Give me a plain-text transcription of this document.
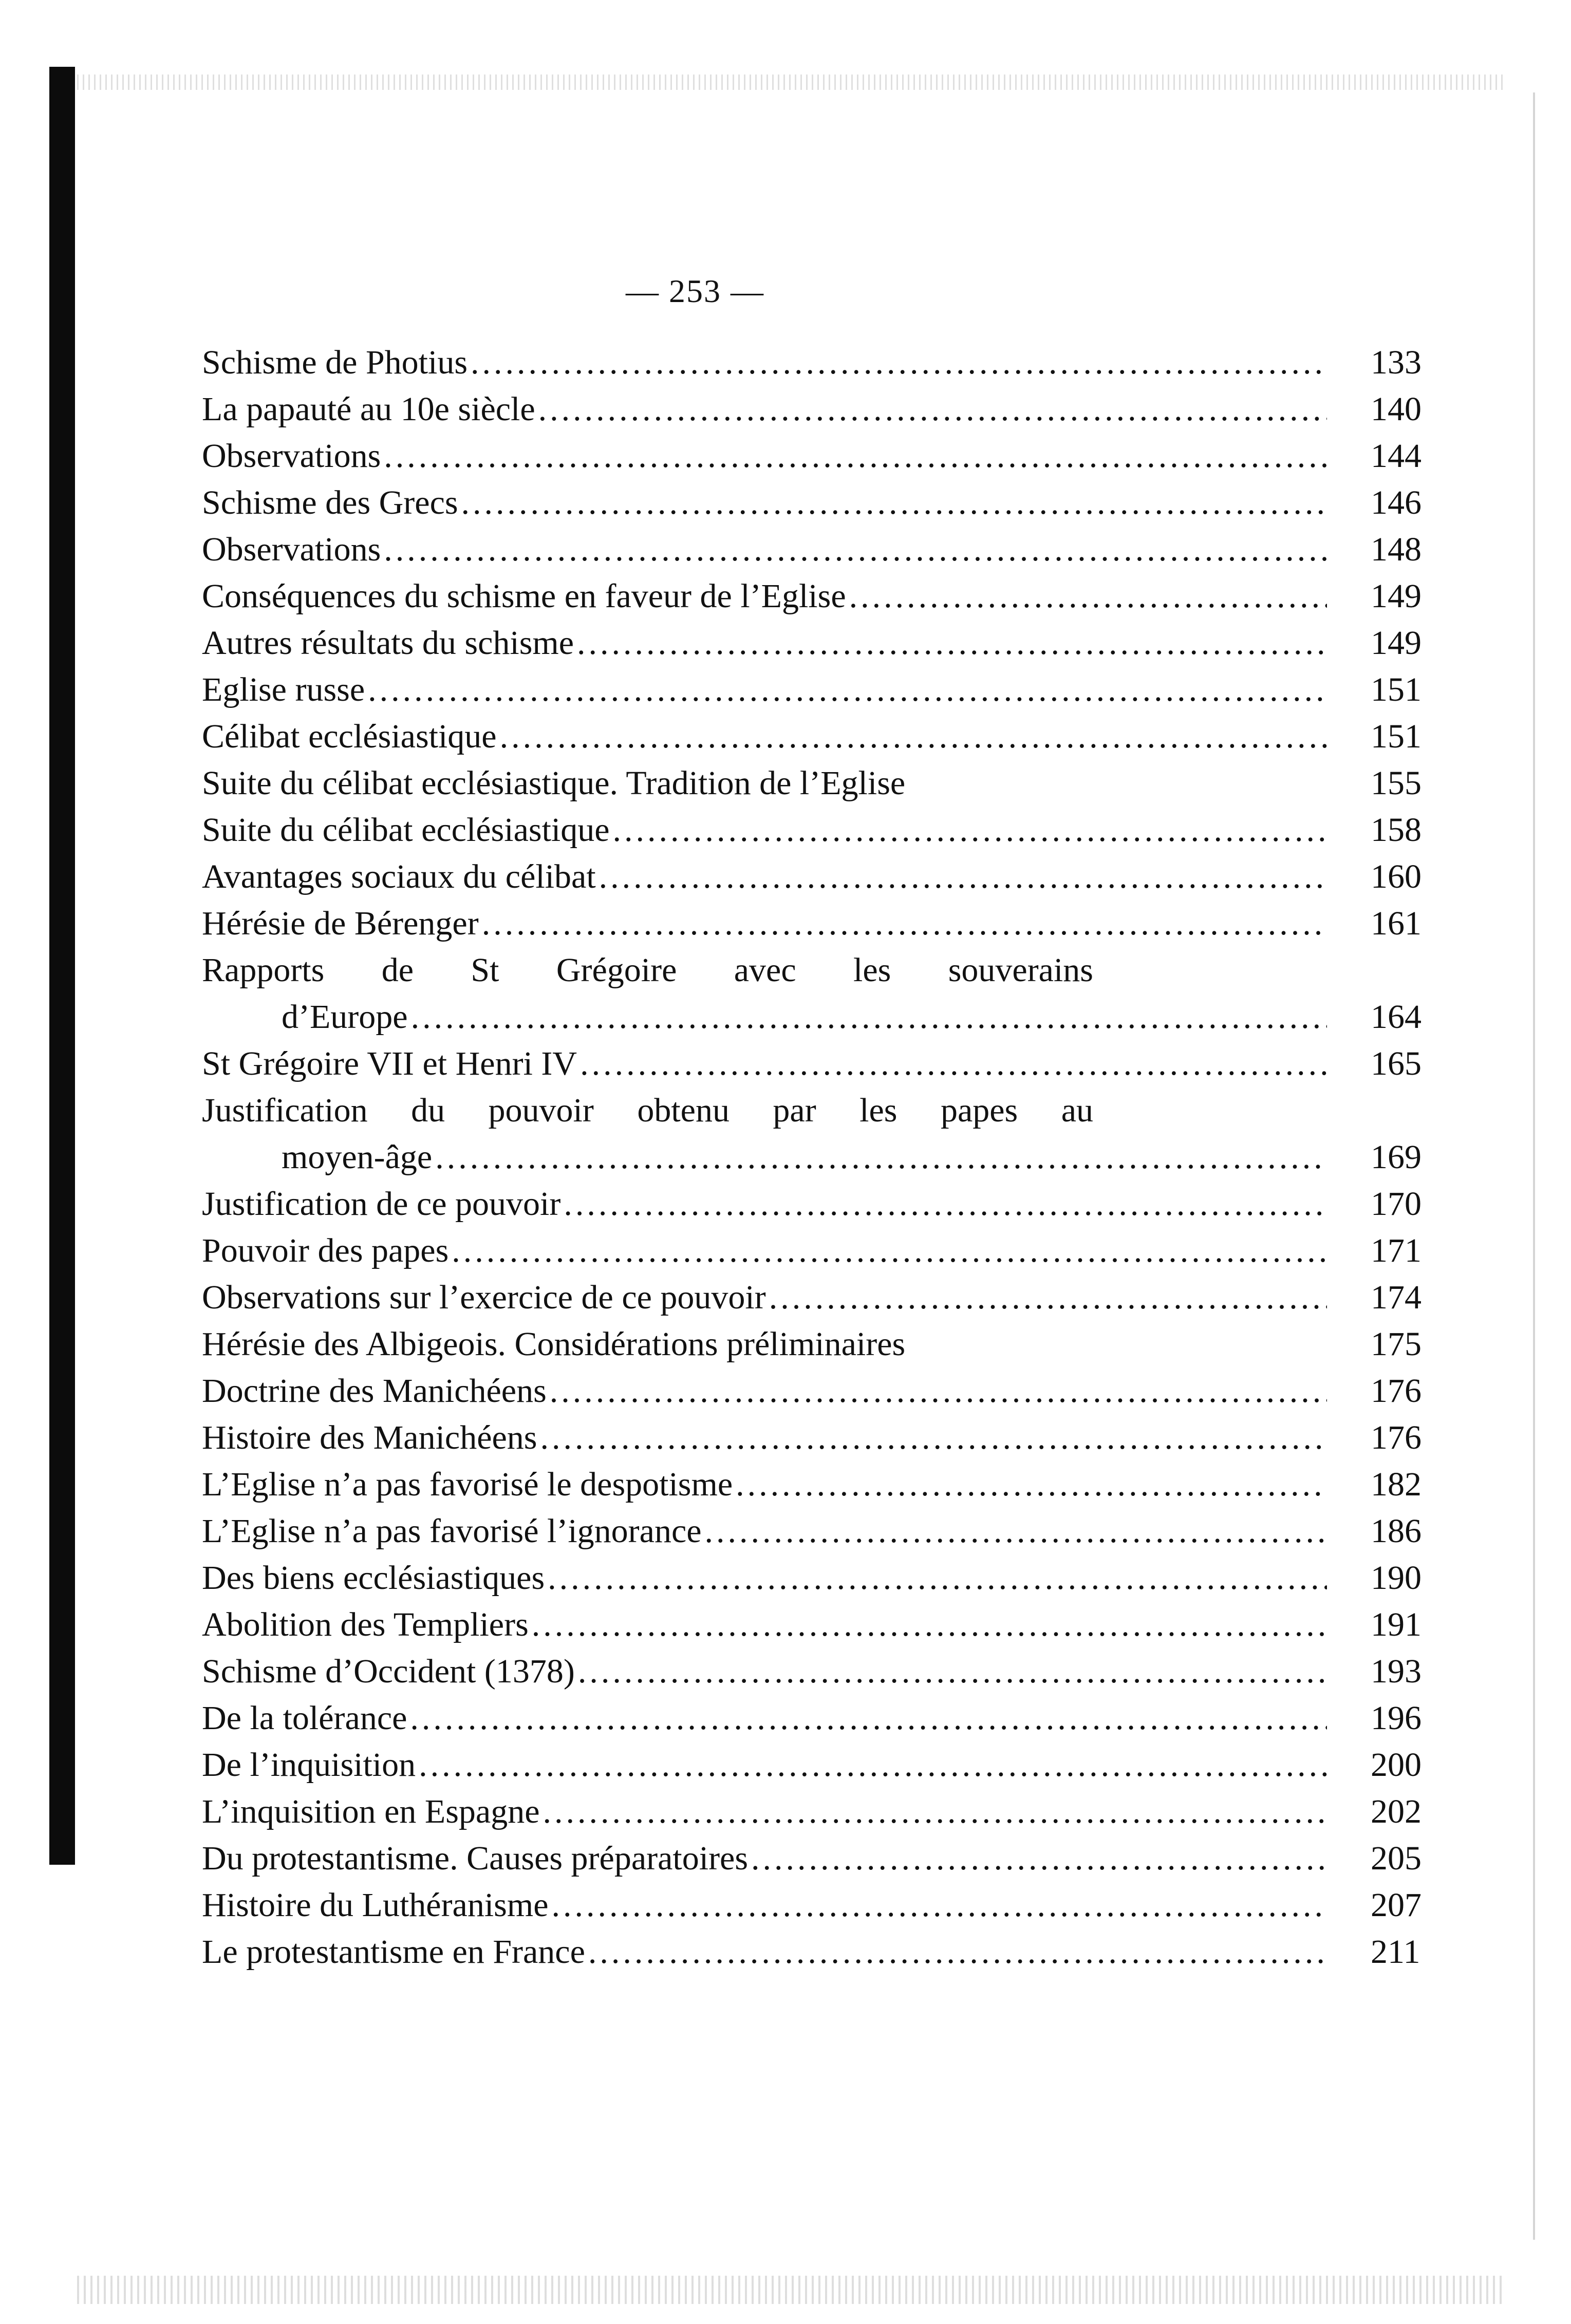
— 253 —
Schisme de Photius .....	133
La papauté au 10e siècle .....	140
Observations .....	144
Schisme des Grecs .....	146
Observations .....	148
Conséquences du schisme en faveur de l’Eglise .....	149
Autres résultats du schisme .....	149
Eglise russe .....	151
Célibat ecclésiastique .....	151
Suite du célibat ecclésiastique. Tradition de l’Eglise	155
Suite du célibat ecclésiastique .....	158
Avantages sociaux du célibat .....	160
Hérésie de Bérenger .....	161
Rapports de St Grégoire avec les souverains
d’Europe .....	164
St Grégoire VII et Henri IV .....	165
Justification du pouvoir obtenu par les papes au
moyen-âge .....	169
Justification de ce pouvoir .....	170
Pouvoir des papes .....	171
Observations sur l’exercice de ce pouvoir .....	174
Hérésie des Albigeois. Considérations préliminaires	175
Doctrine des Manichéens .....	176
Histoire des Manichéens .....	176
L’Eglise n’a pas favorisé le despotisme .....	182
L’Eglise n’a pas favorisé l’ignorance .....	186
Des biens ecclésiastiques .....	190
Abolition des Templiers .....	191
Schisme d’Occident (1378) .....	193
De la tolérance .....	196
De l’inquisition .....	200
L’inquisition en Espagne .....	202
Du protestantisme. Causes préparatoires .....	205
Histoire du Luthéranisme .....	207
Le protestantisme en France .....	211
